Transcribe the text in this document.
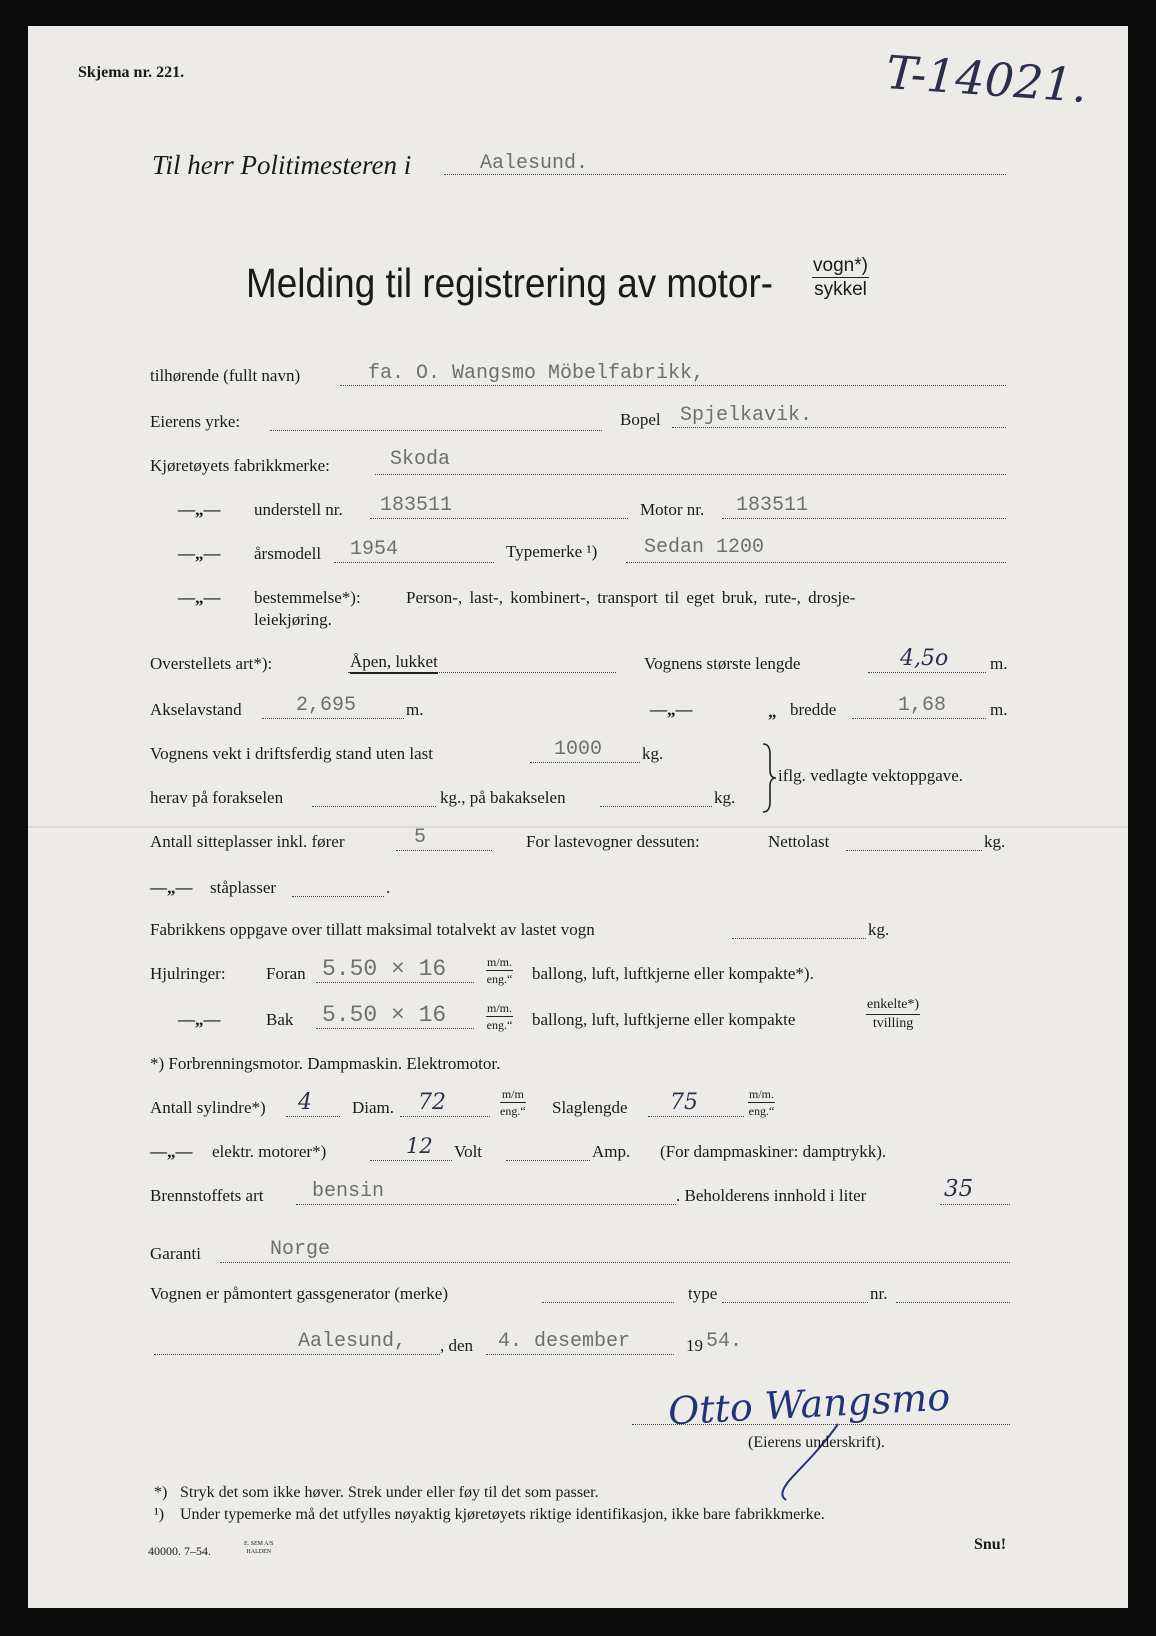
Skjema nr. 221.	T-14021.
Til herr Politimesteren i	Aalesund.
Melding til registrering av motor- $\frac{\text{vogn*)}}{\text{sykkel}}$
tilhørende (fullt navn)	fa. O. Wangsmo Möbelfabrikk,
Eierens yrke:	Bopel Spjelkavik.
Kjøretøyets fabrikkmerke:	Skoda
—„— understell nr. 183511	Motor nr. 183511
—„— årsmodell 1954	Typemerke ¹) Sedan 1200
—„— bestemmelse*):	Person-, last-, kombinert-, transport til eget bruk, rute-, drosje-
leiekjøring.
Overstellets art*):	Åpen, lukket	Vognens største lengde	4,5o m.
Akselavstand	2,695	m.	—„—	„ bredde	1,68	m.
Vognens vekt i driftsferdig stand uten last	1000 kg.
herav på forakselen	kg., på bakakselen	kg.
iflg. vedlagte vektoppgave.
Antall sitteplasser inkl. fører	5	For lastevogner dessuten:	Nettolast	kg.
—„— ståplasser	.
Fabrikkens oppgave over tillatt maksimal totalvekt av lastet vogn	kg.
Hjulringer: Foran 5.50 × 16	$\frac{m/m.}{\text{eng.“}}$ ballong, luft, luftkjerne eller kompakte*).
—„—	Bak 5.50 × 16	$\frac{m/m.}{\text{eng.“}}$ ballong, luft, luftkjerne eller kompakte	$\frac{\text{enkelte*)}}{\text{tvilling}}$
*) Forbrenningsmotor. Dampmaskin. Elektromotor.
Antall sylindre*) 4 Diam. 72	$\frac{m/m}{\text{eng.“}}$ Slaglengde 75	$\frac{m/m.}{\text{eng.“}}$
—„— elektr. motorer*)	12 Volt	Amp. (For dampmaskiner: damptrykk).
Brennstoffets art bensin	. Beholderens innhold i liter	35
Garanti	Norge
Vognen er påmontert gassgenerator (merke)	type	nr.
Aalesund, , den 4. desember	19 54.
Otto Wangsmo
(Eierens underskrift).
*) Stryk det som ikke høver. Strek under eller føy til det som passer.
¹) Under typemerke må det utfylles nøyaktig kjøretøyets riktige identifikasjon, ikke bare fabrikkmerke.
40000. 7–54.	E. SEM A/S
HALDEN	Snu!
